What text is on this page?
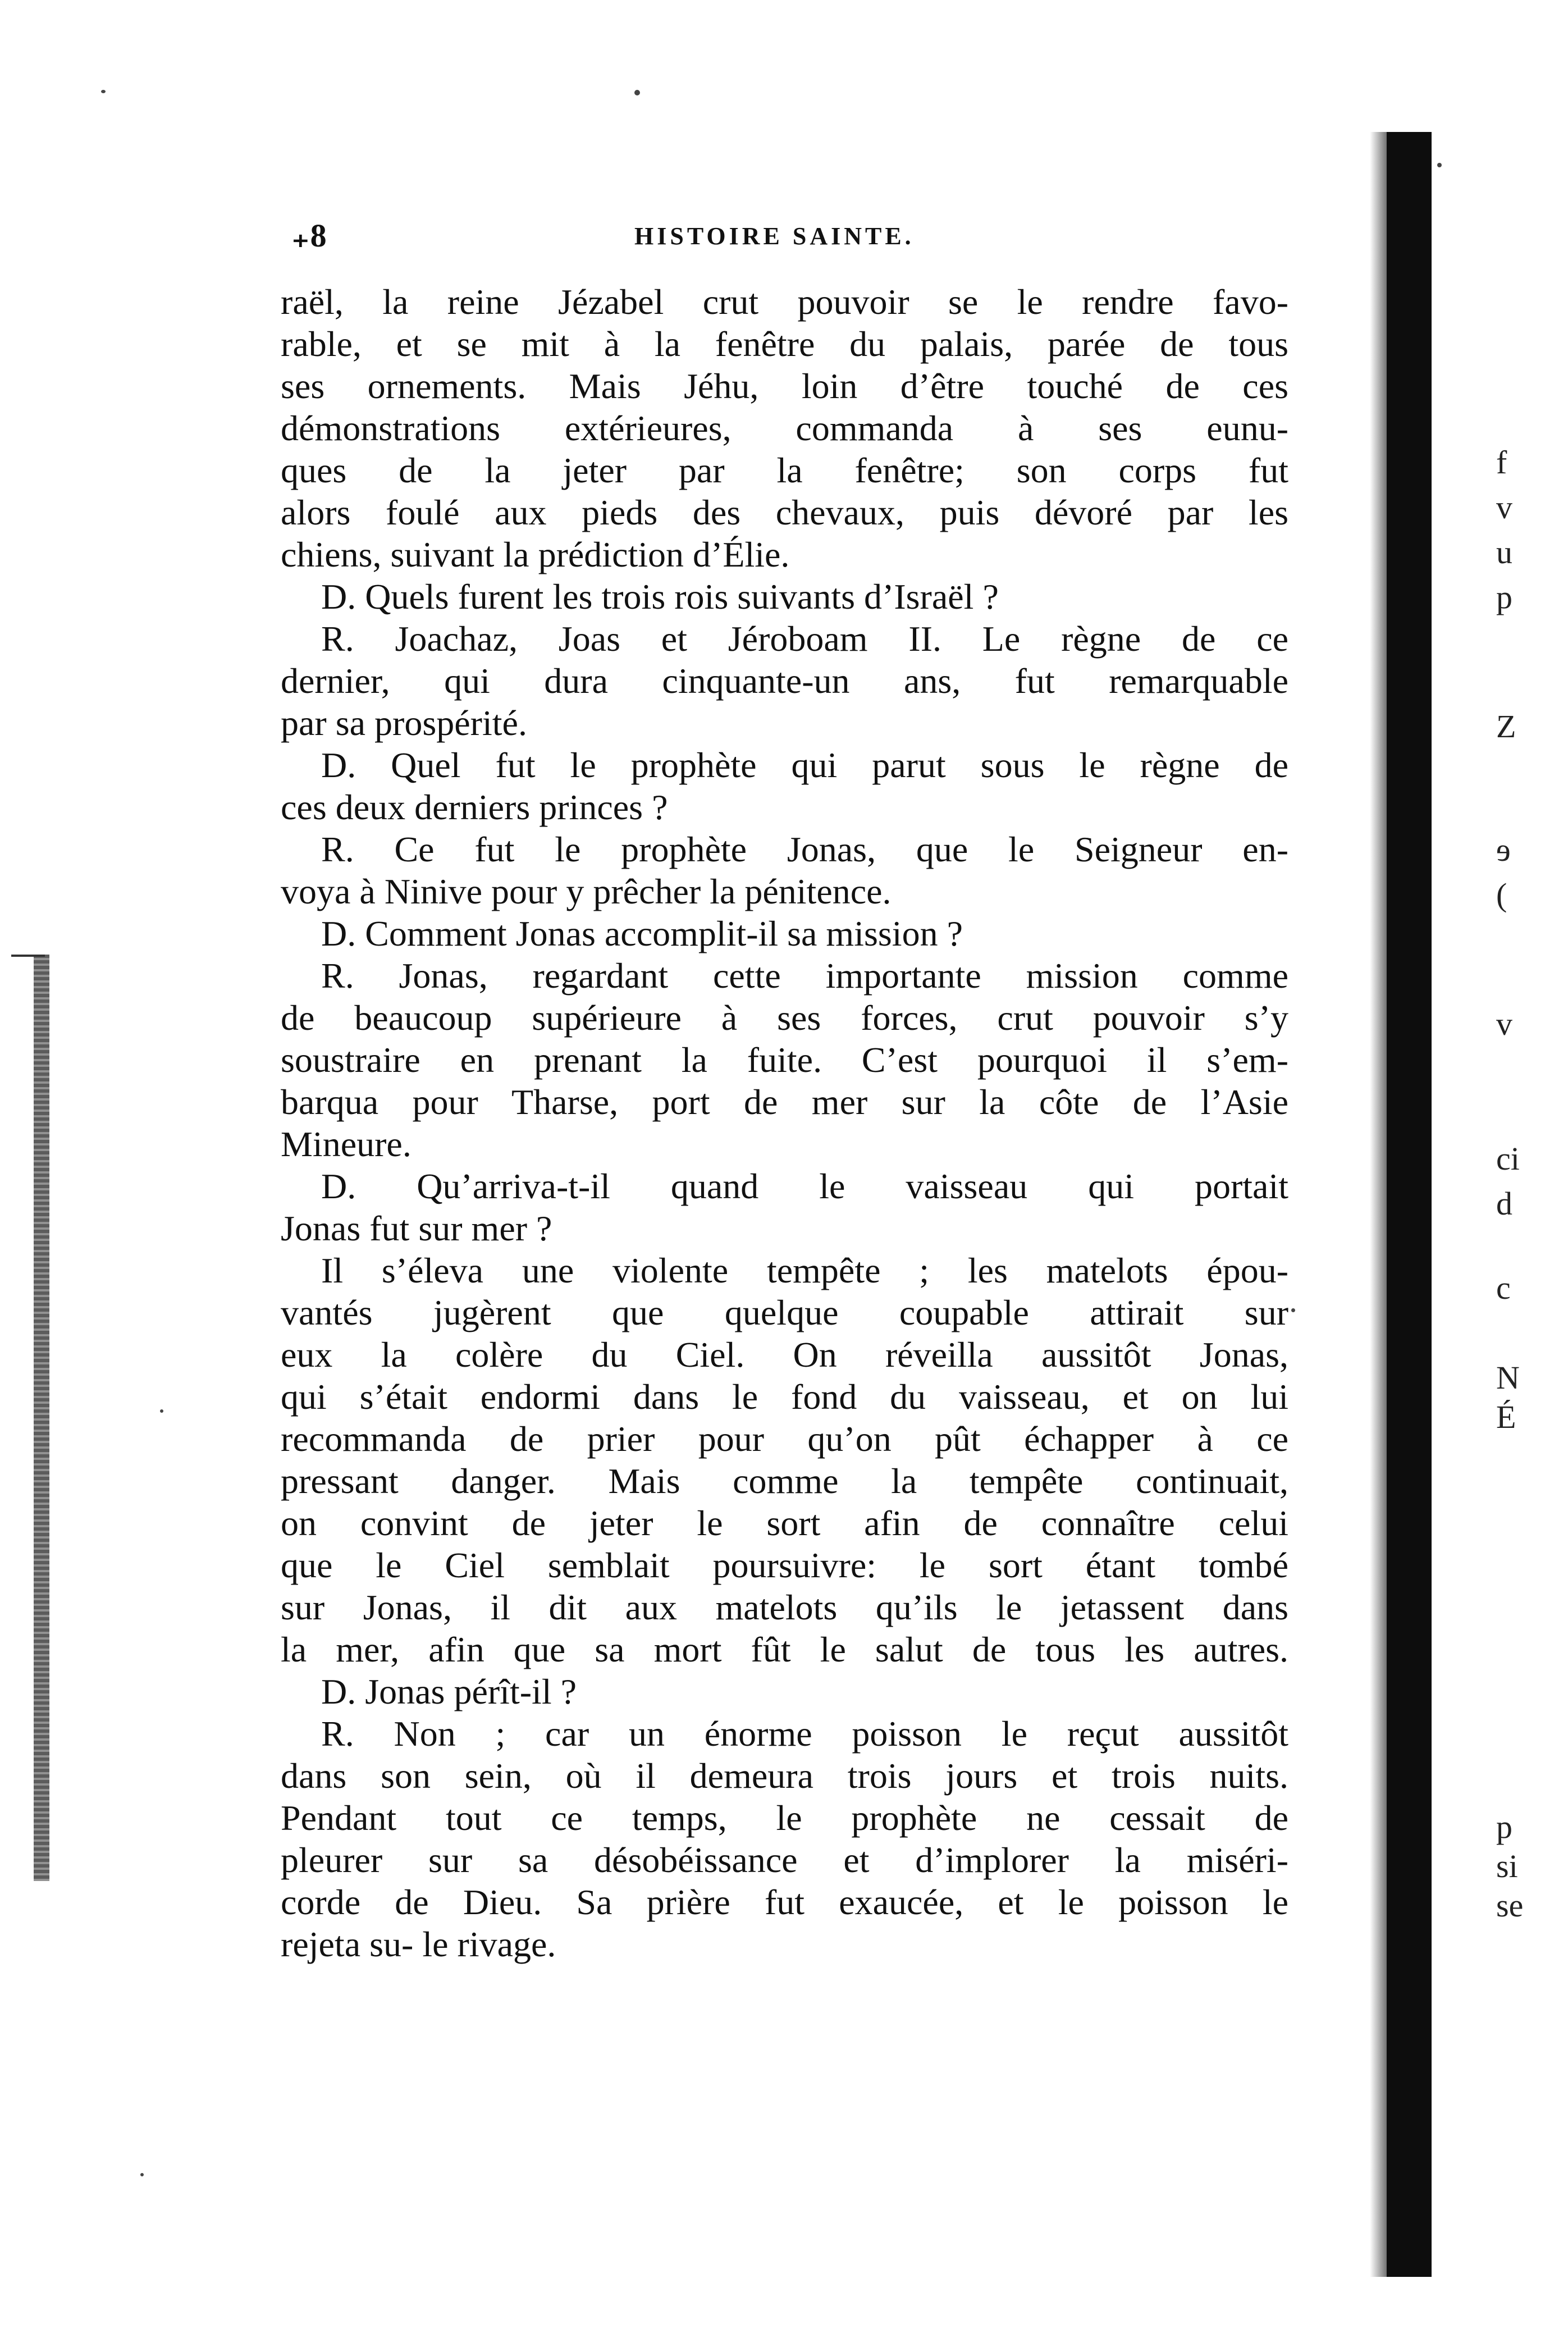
₊8	HISTOIRE SAINTE.
raël, la reine Jézabel crut pouvoir se le rendre favo-
rable, et se mit à la fenêtre du palais, parée de tous
ses ornements. Mais Jéhu, loin d’être touché de ces
démonstrations extérieures, commanda à ses eunu-
ques de la jeter par la fenêtre; son corps fut
alors foulé aux pieds des chevaux, puis dévoré par les
chiens, suivant la prédiction d’Élie.
D. Quels furent les trois rois suivants d’Israël ?
R. Joachaz, Joas et Jéroboam II. Le règne de ce
dernier, qui dura cinquante-un ans, fut remarquable
par sa prospérité.
D. Quel fut le prophète qui parut sous le règne de
ces deux derniers princes ?
R. Ce fut le prophète Jonas, que le Seigneur en-
voya à Ninive pour y prêcher la pénitence.
D. Comment Jonas accomplit-il sa mission ?
R. Jonas, regardant cette importante mission comme
de beaucoup supérieure à ses forces, crut pouvoir s’y
soustraire en prenant la fuite. C’est pourquoi il s’em-
barqua pour Tharse, port de mer sur la côte de l’Asie
Mineure.
D. Qu’arriva-t-il quand le vaisseau qui portait
Jonas fut sur mer ?
Il s’éleva une violente tempête ; les matelots épou-
vantés jugèrent que quelque coupable attirait sur
eux la colère du Ciel. On réveilla aussitôt Jonas,
qui s’était endormi dans le fond du vaisseau, et on lui
recommanda de prier pour qu’on pût échapper à ce
pressant danger. Mais comme la tempête continuait,
on convint de jeter le sort afin de connaître celui
que le Ciel semblait poursuivre: le sort étant tombé
sur Jonas, il dit aux matelots qu’ils le jetassent dans
la mer, afin que sa mort fût le salut de tous les autres.
D. Jonas pérît-il ?
R. Non ; car un énorme poisson le reçut aussitôt
dans son sein, où il demeura trois jours et trois nuits.
Pendant tout ce temps, le prophète ne cessait de
pleurer sur sa désobéissance et d’implorer la miséri-
corde de Dieu. Sa prière fut exaucée, et le poisson le
rejeta su- le rivage.
f
v
u
p
Z
ɘ
(
v
ci
d
c
N
É
p
si
se
